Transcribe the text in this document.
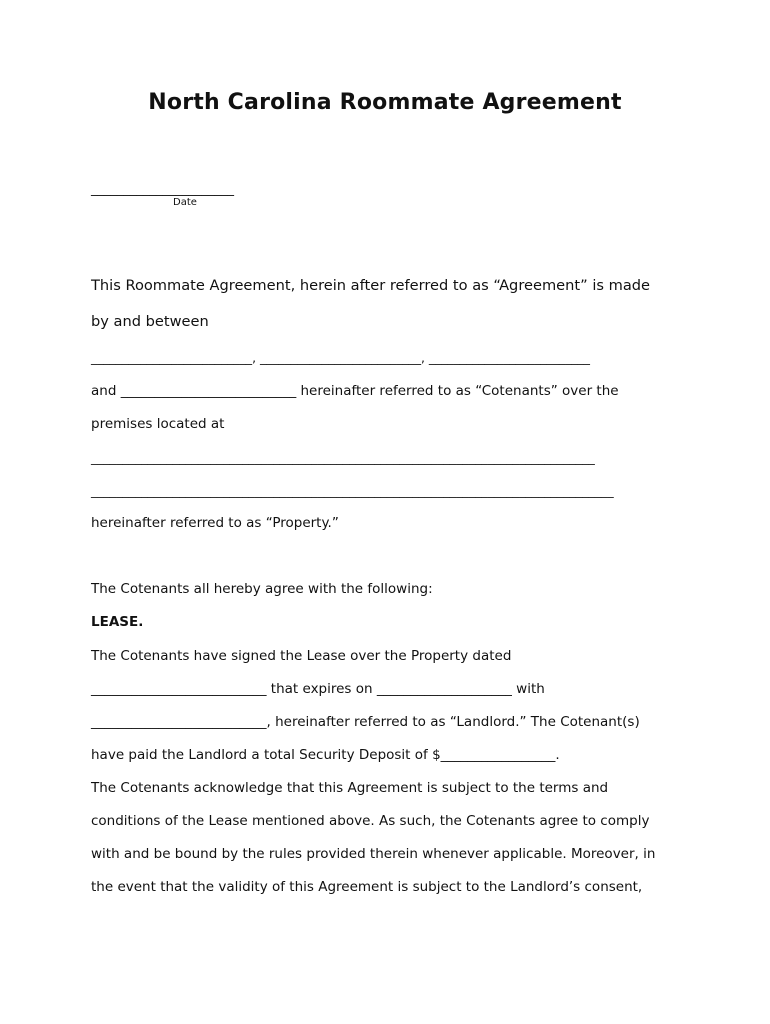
North Carolina Roommate Agreement
______________________
Date
This Roommate Agreement, herein after referred to as “Agreement” is made
by and between
__________________________, __________________________, __________________________
and __________________________ hereinafter referred to as “Cotenants” over the
premises located at
________________________________________________________________________________
___________________________________________________________________________________
hereinafter referred to as “Property.”
The Cotenants all hereby agree with the following:
LEASE.
The Cotenants have signed the Lease over the Property dated
__________________________ that expires on ____________________ with
__________________________, hereinafter referred to as “Landlord.” The Cotenant(s)
have paid the Landlord a total Security Deposit of $_________________.
The Cotenants acknowledge that this Agreement is subject to the terms and
conditions of the Lease mentioned above. As such, the Cotenants agree to comply
with and be bound by the rules provided therein whenever applicable. Moreover, in
the event that the validity of this Agreement is subject to the Landlord’s consent,
